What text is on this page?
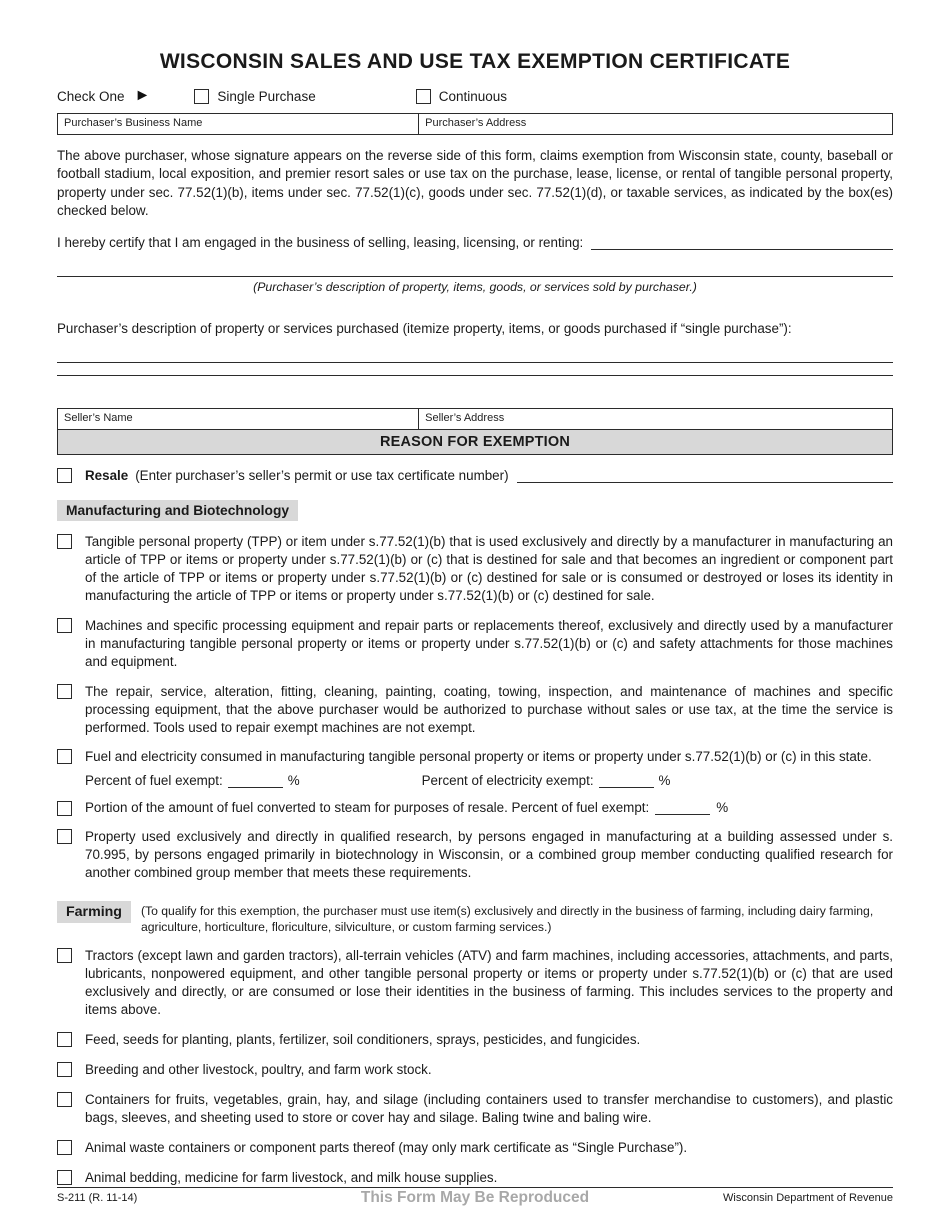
WISCONSIN SALES AND USE TAX EXEMPTION CERTIFICATE
Check One ►	Single Purchase	Continuous
Purchaser’s Business Name	Purchaser’s Address

The above purchaser, whose signature appears on the reverse side of this form, claims exemption from Wisconsin state, county, baseball or football stadium, local exposition, and premier resort sales or use tax on the purchase, lease, license, or rental of tangible personal property, property under sec. 77.52(1)(b), items under sec. 77.52(1)(c), goods under sec. 77.52(1)(d), or taxable services, as indicated by the box(es) checked below.

I hereby certify that I am engaged in the business of selling, leasing, licensing, or renting:
(Purchaser’s description of property, items, goods, or services sold by purchaser.)

Purchaser’s description of property or services purchased (itemize property, items, or goods purchased if “single purchase”):

Seller’s Name	Seller’s Address
REASON FOR EXEMPTION
Resale (Enter purchaser’s seller’s permit or use tax certificate number)
Manufacturing and Biotechnology
Tangible personal property (TPP) or item under s.77.52(1)(b) that is used exclusively and directly by a manufacturer in manufacturing an article of TPP or items or property under s.77.52(1)(b) or (c) that is destined for sale and that becomes an ingredient or component part of the article of TPP or items or property under s.77.52(1)(b) or (c) destined for sale or is consumed or destroyed or loses its identity in manufacturing the article of TPP or items or property under s.77.52(1)(b) or (c) destined for sale.
Machines and specific processing equipment and repair parts or replacements thereof, exclusively and directly used by a manufacturer in manufacturing tangible personal property or items or property under s.77.52(1)(b) or (c) and safety attachments for those machines and equipment.
The repair, service, alteration, fitting, cleaning, painting, coating, towing, inspection, and maintenance of machines and specific processing equipment, that the above purchaser would be authorized to purchase without sales or use tax, at the time the service is performed. Tools used to repair exempt machines are not exempt.
Fuel and electricity consumed in manufacturing tangible personal property or items or property under s.77.52(1)(b) or (c) in this state.
Percent of fuel exempt:	%	Percent of electricity exempt:	%
Portion of the amount of fuel converted to steam for purposes of resale. Percent of fuel exempt:	%
Property used exclusively and directly in qualified research, by persons engaged in manufacturing at a building assessed under s. 70.995, by persons engaged primarily in biotechnology in Wisconsin, or a combined group member conducting qualified research for another combined group member that meets these requirements.
Farming	(To qualify for this exemption, the purchaser must use item(s) exclusively and directly in the business of farming, including dairy farming, agriculture, horticulture, floriculture, silviculture, or custom farming services.)
Tractors (except lawn and garden tractors), all-terrain vehicles (ATV) and farm machines, including accessories, attachments, and parts, lubricants, nonpowered equipment, and other tangible personal property or items or property under s.77.52(1)(b) or (c) that are used exclusively and directly, or are consumed or lose their identities in the business of farming. This includes services to the property and items above.
Feed, seeds for planting, plants, fertilizer, soil conditioners, sprays, pesticides, and fungicides.
Breeding and other livestock, poultry, and farm work stock.
Containers for fruits, vegetables, grain, hay, and silage (including containers used to transfer merchandise to customers), and plastic bags, sleeves, and sheeting used to store or cover hay and silage. Baling twine and baling wire.
Animal waste containers or component parts thereof (may only mark certificate as “Single Purchase”).
Animal bedding, medicine for farm livestock, and milk house supplies.
S-211 (R. 11-14)	This Form May Be Reproduced	Wisconsin Department of Revenue
